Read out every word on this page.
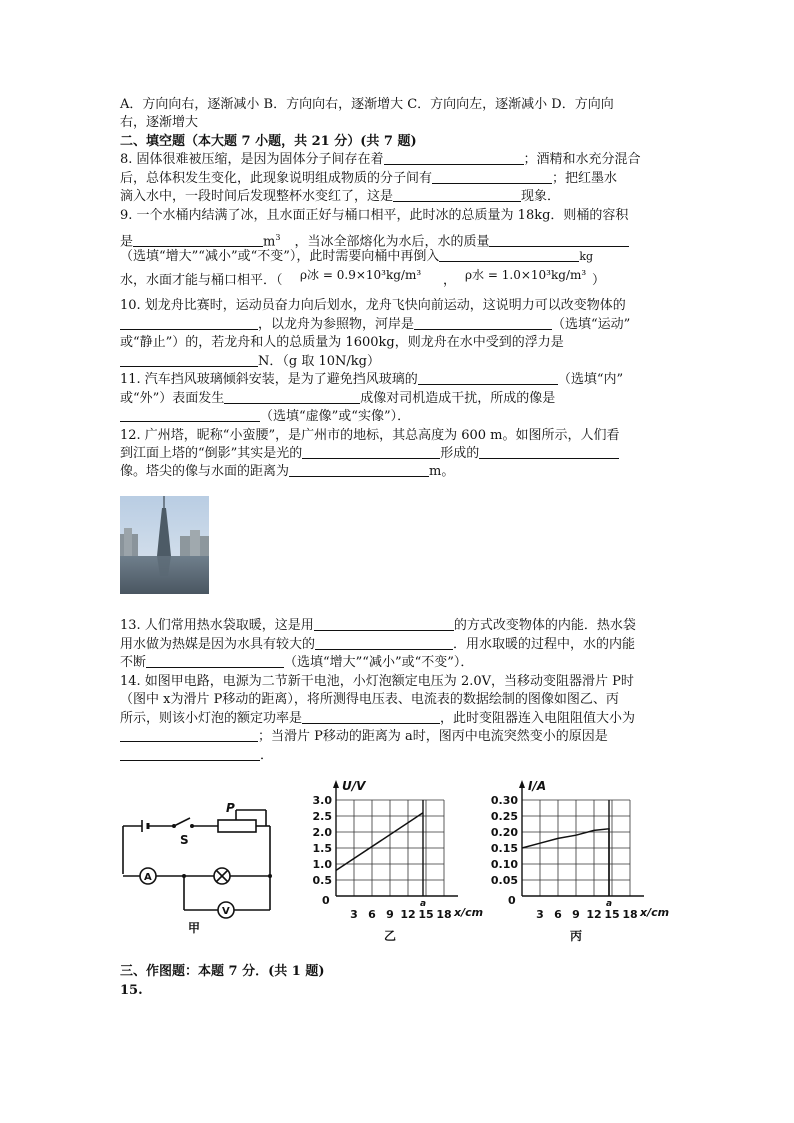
A．方向向右，逐渐减小 B．方向向右，逐渐增大 C．方向向左，逐渐减小 D．方向向
右，逐渐增大
二、填空题（本大题 7 小题，共 21 分）(共 7 题)
8. 固体很难被压缩，是因为固体分子间存在着	；酒精和水充分混合
后，总体积发生变化，此现象说明组成物质的分子间有	；把红墨水
滴入水中，一段时间后发现整杯水变红了，这是	现象．
9. 一个水桶内结满了冰，且水面正好与桶口相平，此时冰的总质量为 18kg．则桶的容积
是	$m^3$ ，当冰全部熔化为水后，水的质量
（选填“增大”“减小”或“不变”），此时需要向桶中再倒入	kg
水，水面才能与桶口相平．（ ρ冰 = 0.9×10³kg/m³ ， ρ水 = 1.0×10³kg/m³ ）
10. 划龙舟比赛时，运动员奋力向后划水，龙舟飞快向前运动，这说明力可以改变物体的
，以龙舟为参照物，河岸是	（选填“运动”
或“静止”）的，若龙舟和人的总质量为 1600kg，则龙舟在水中受到的浮力是
N．（g 取 10N/kg）
11. 汽车挡风玻璃倾斜安装，是为了避免挡风玻璃的	（选填“内”
或“外”）表面发生	成像对司机造成干扰，所成的像是
（选填“虚像”或“实像”）．
12. 广州塔，昵称“小蛮腰”，是广州市的地标，其总高度为 600 m。如图所示，人们看
到江面上塔的“倒影”其实是光的	形成的
像。塔尖的像与水面的距离为	m。
13. 人们常用热水袋取暖，这是用	的方式改变物体的内能．热水袋
用水做为热媒是因为水具有较大的	．用水取暖的过程中，水的内能
不断	（选填“增大”“减小”或“不变”）．
14. 如图甲电路，电源为二节新干电池，小灯泡额定电压为 2.0V，当移动变阻器滑片 P时
（图中 x为滑片 P移动的距离），将所测得电压表、电流表的数据绘制的图像如图乙、丙
所示，则该小灯泡的额定功率是	，此时变阻器连入电阻阻值大小为
；当滑片 P移动的距离为 a时，图丙中电流突然变小的原因是
．
S
P
A
V
甲
0.5
1.0
1.5
2.0
2.5
3.0
3 6 9 12 15 18
0	a
U/V
x/cm
乙
0.05
0.10
0.15
0.20
0.25
0.30
3 6 9 12 15 18
0	a
I/A
x/cm
丙
三、作图题：本题 7 分．(共 1 题)
15.
